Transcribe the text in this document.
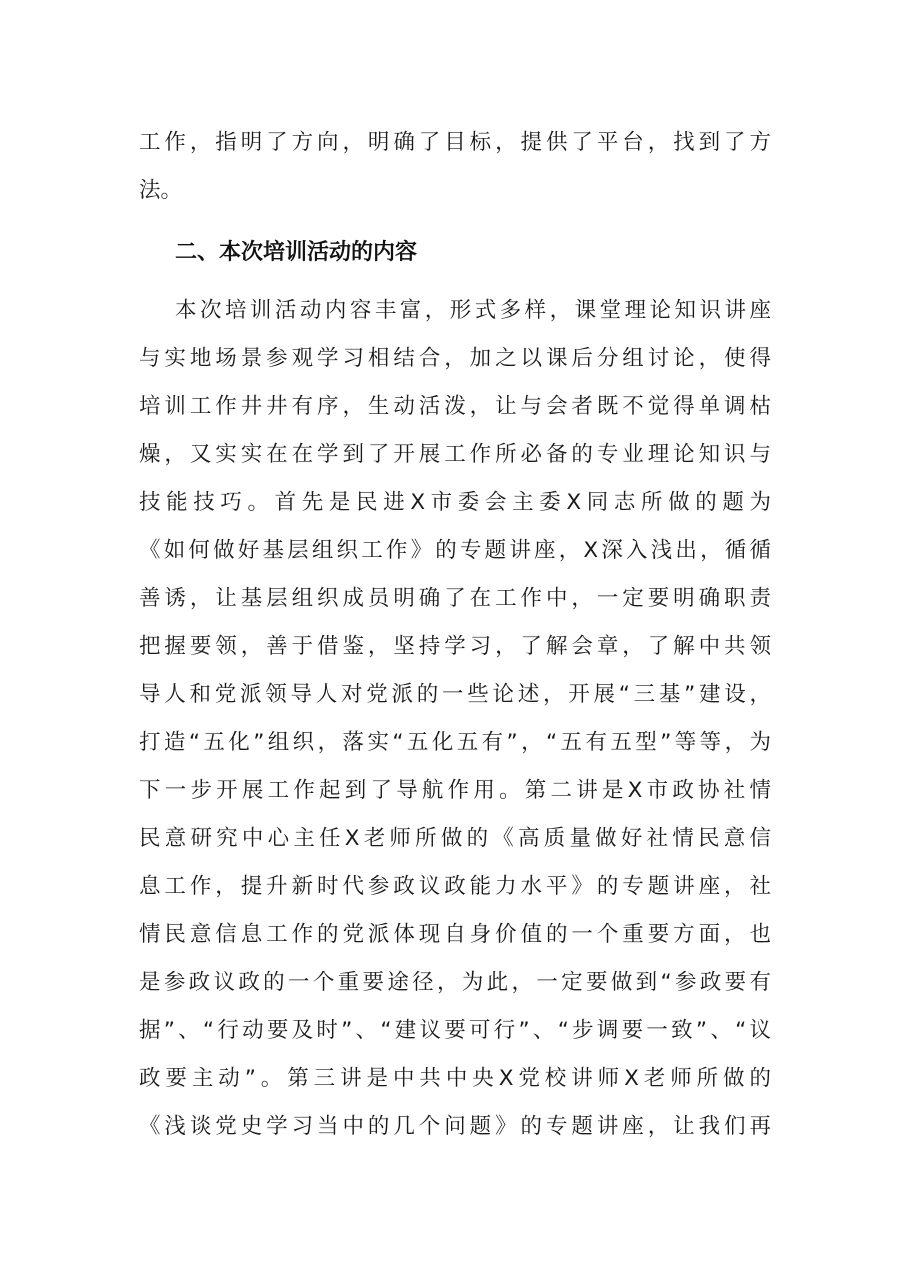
工作，指明了方向，明确了目标，提供了平台，找到了方
法。
二、本次培训活动的内容
本次培训活动内容丰富，形式多样，课堂理论知识讲座
与实地场景参观学习相结合，加之以课后分组讨论，使得
培训工作井井有序，生动活泼，让与会者既不觉得单调枯
燥，又实实在在学到了开展工作所必备的专业理论知识与
技能技巧。首先是民进X市委会主委X同志所做的题为
《如何做好基层组织工作》的专题讲座，X深入浅出，循循
善诱，让基层组织成员明确了在工作中，一定要明确职责
把握要领，善于借鉴，坚持学习，了解会章，了解中共领
导人和党派领导人对党派的一些论述，开展“三基”建设，
打造“五化”组织，落实“五化五有”，“五有五型”等等，为
下一步开展工作起到了导航作用。第二讲是X市政协社情
民意研究中心主任X老师所做的《高质量做好社情民意信
息工作，提升新时代参政议政能力水平》的专题讲座，社
情民意信息工作的党派体现自身价值的一个重要方面，也
是参政议政的一个重要途径，为此，一定要做到“参政要有
据”、“行动要及时”、“建议要可行”、“步调要一致”、“议
政要主动”。第三讲是中共中央X党校讲师X老师所做的
《浅谈党史学习当中的几个问题》的专题讲座，让我们再
